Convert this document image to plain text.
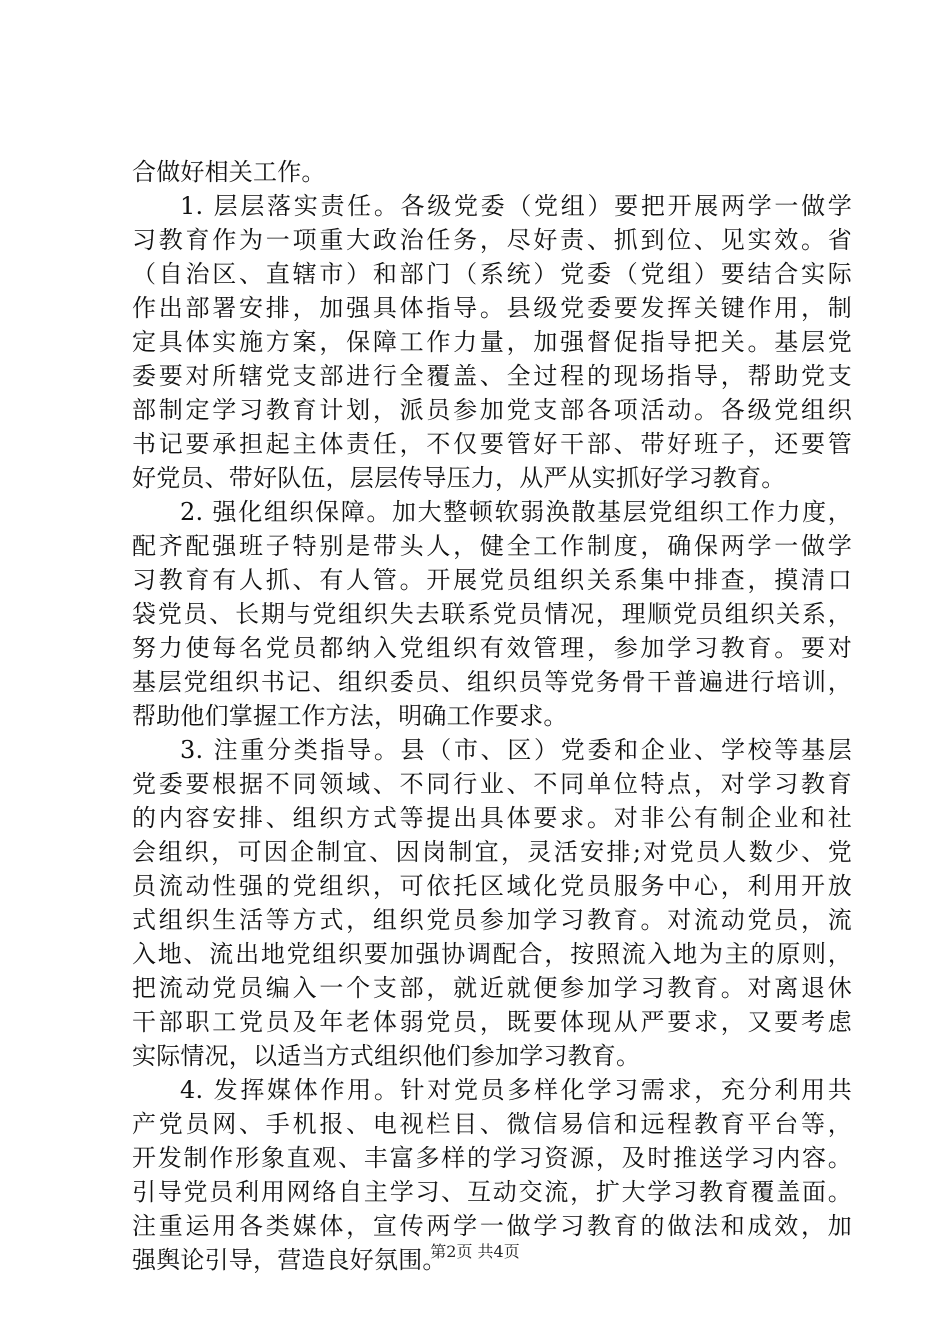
合做好相关工作。
1. 层层落实责任。各级党委（党组）要把开展两学一做学
习教育作为一项重大政治任务，尽好责、抓到位、见实效。省
（自治区、直辖市）和部门（系统）党委（党组）要结合实际
作出部署安排，加强具体指导。县级党委要发挥关键作用，制
定具体实施方案，保障工作力量，加强督促指导把关。基层党
委要对所辖党支部进行全覆盖、全过程的现场指导，帮助党支
部制定学习教育计划，派员参加党支部各项活动。各级党组织
书记要承担起主体责任，不仅要管好干部、带好班子，还要管
好党员、带好队伍，层层传导压力，从严从实抓好学习教育。
2. 强化组织保障。加大整顿软弱涣散基层党组织工作力度，
配齐配强班子特别是带头人，健全工作制度，确保两学一做学
习教育有人抓、有人管。开展党员组织关系集中排查，摸清口
袋党员、长期与党组织失去联系党员情况，理顺党员组织关系，
努力使每名党员都纳入党组织有效管理，参加学习教育。要对
基层党组织书记、组织委员、组织员等党务骨干普遍进行培训，
帮助他们掌握工作方法，明确工作要求。
3. 注重分类指导。县（市、区）党委和企业、学校等基层
党委要根据不同领域、不同行业、不同单位特点，对学习教育
的内容安排、组织方式等提出具体要求。对非公有制企业和社
会组织，可因企制宜、因岗制宜，灵活安排;对党员人数少、党
员流动性强的党组织，可依托区域化党员服务中心，利用开放
式组织生活等方式，组织党员参加学习教育。对流动党员，流
入地、流出地党组织要加强协调配合，按照流入地为主的原则，
把流动党员编入一个支部，就近就便参加学习教育。对离退休
干部职工党员及年老体弱党员，既要体现从严要求，又要考虑
实际情况，以适当方式组织他们参加学习教育。
4. 发挥媒体作用。针对党员多样化学习需求，充分利用共
产党员网、手机报、电视栏目、微信易信和远程教育平台等，
开发制作形象直观、丰富多样的学习资源，及时推送学习内容。
引导党员利用网络自主学习、互动交流，扩大学习教育覆盖面。
注重运用各类媒体，宣传两学一做学习教育的做法和成效，加
强舆论引导，营造良好氛围。
第2页 共4页
